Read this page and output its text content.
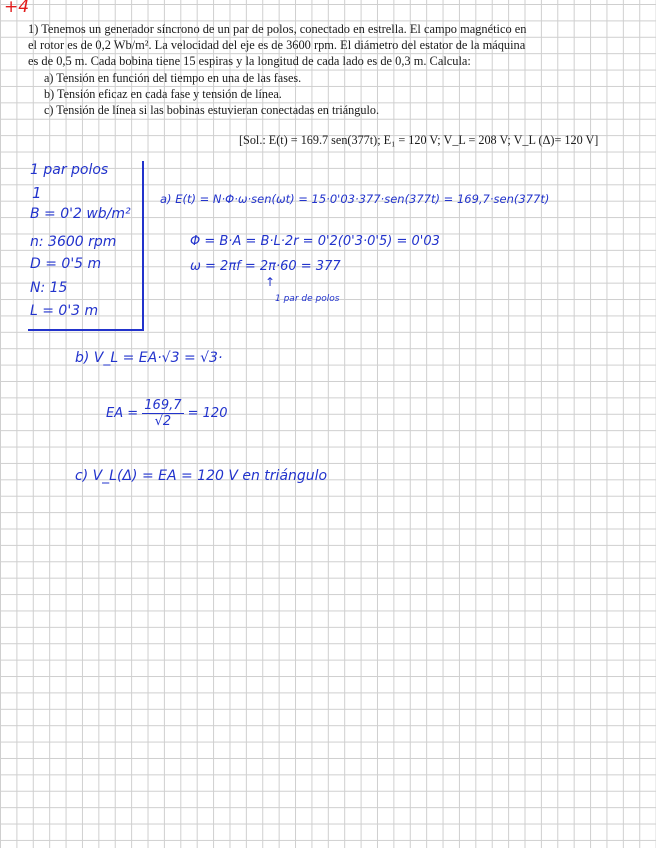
+4
1) Tenemos un generador síncrono de un par de polos, conectado en estrella. El campo magnético en
el rotor es de 0,2 Wb/m². La velocidad del eje es de 3600 rpm. El diámetro del estator de la máquina
es de 0,5 m. Cada bobina tiene 15 espiras y la longitud de cada lado es de 0,3 m. Calcula:
a) Tensión en función del tiempo en una de las fases.
b) Tensión eficaz en cada fase y tensión de línea.
c) Tensión de línea si las bobinas estuvieran conectadas en triángulo.
[Sol.: E(t) = 169.7 sen(377t); E₁ = 120 V; V_L = 208 V; V_L (Δ)= 120 V]
1 par polos
1
B = 0'2 wb/m²
n: 3600 rpm
D = 0'5 m
N: 15
L = 0'3 m
a) E(t) = N·Φ·ω·sen(ωt) = 15·0'03·377·sen(377t) = 169,7·sen(377t)
Φ = B·A = B·L·2r = 0'2(0'3·0'5) = 0'03
ω = 2πf = 2π·60 = 377
↑
1 par de polos
b) V_L = EA·√3 = √3·
EA = $\frac{169,7}{√2} = 120$
c) V_L(Δ) = EA = 120 V en triángulo
